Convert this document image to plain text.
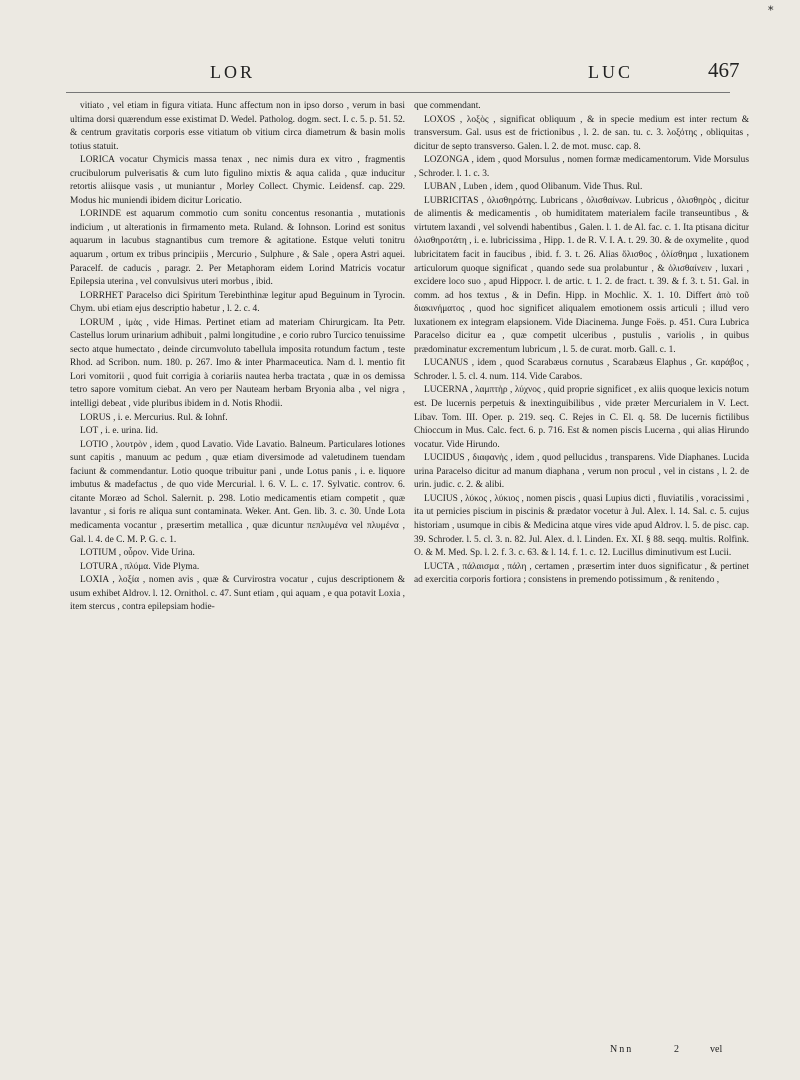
*
LOR	LUC	467

vitiato , vel etiam in figura vitiata. Hunc affectum non in ipso dorso , verum in basi ultima dorsi quærendum esse existimat D. Wedel. Patholog. dogm. sect. I. c. 5. p. 51. 52. & centrum gravitatis corporis esse vitiatum ob vitium circa diametrum & basin molis totius statuit.

LORICA vocatur Chymicis massa tenax , nec nimis dura ex vitro , fragmentis crucibulorum pulverisatis & cum luto figulino mixtis & aqua calida , quæ inducitur retortis aliisque vasis , ut muniantur , Morley Collect. Chymic. Leidensf. cap. 229. Modus hic muniendi ibidem dicitur Loricatio.

LORINDE est aquarum commotio cum sonitu concentus resonantia , mutationis indicium , ut alterationis in firmamento meta. Ruland. & Iohnson. Lorind est sonitus aquarum in lacubus stagnantibus cum tremore & agitatione. Estque veluti tonitru aquarum , ortum ex tribus principiis , Mercurio , Sulphure , & Sale , opera Astri aquei. Paracelf. de caducis , paragr. 2. Per Metaphoram eidem Lorind Matricis vocatur Epilepsia uterina , vel convulsivus uteri morbus , ibid.

LORRHET Paracelso dici Spiritum Terebinthinæ legitur apud Beguinum in Tyrocin. Chym. ubi etiam ejus descriptio habetur , l. 2. c. 4.

LORUM , ἱμὰς , vide Himas. Pertinet etiam ad materiam Chirurgicam. Ita Petr. Castellus lorum urinarium adhibuit , palmi longitudine , e corio rubro Turcico tenuissime secto atque humectato , deinde circumvoluto tabellula imposita rotundum factum , teste Rhod. ad Scribon. num. 180. p. 267. Imo & inter Pharmaceutica. Nam d. l. mentio fit Lori vomitorii , quod fuit corrigia à coriariis nautea herba tractata , quæ in os demissa tetro sapore vomitum ciebat. An vero per Nauteam herbam Bryonia alba , vel nigra , intelligi debeat , vide pluribus ibidem in d. Notis Rhodii.

LORUS , i. e. Mercurius. Rul. & Iohnf.

LOT , i. e. urina. Iid.

LOTIO , λουτρὸν , idem , quod Lavatio. Vide Lavatio. Balneum. Particulares lotiones sunt capitis , manuum ac pedum , quæ etiam diversimode ad valetudinem tuendam faciunt & commendantur. Lotio quoque tribuitur pani , unde Lotus panis , i. e. liquore imbutus & madefactus , de quo vide Mercurial. l. 6. V. L. c. 17. Sylvatic. controv. 6. citante Moræo ad Schol. Salernit. p. 298. Lotio medicamentis etiam competit , quæ lavantur , si foris re aliqua sunt contaminata. Weker. Ant. Gen. lib. 3. c. 30. Unde Lota medicamenta vocantur , præsertim metallica , quæ dicuntur πεπλυμένα vel πλυμένα , Gal. l. 4. de C. M. P. G. c. 1.

LOTIUM , οὖρον. Vide Urina.

LOTURA , πλύμα. Vide Plyma.

LOXIA , λοξία , nomen avis , quæ & Curvirostra vocatur , cujus descriptionem & usum exhibet Aldrov. l. 12. Ornithol. c. 47. Sunt etiam , qui aquam , e qua potavit Loxia , item stercus , contra epilepsiam hodie-

que commendant.

LOXOS , λοξὸς , significat obliquum , & in specie medium est inter rectum & transversum. Gal. usus est de frictionibus , l. 2. de san. tu. c. 3. λοξότης , obliquitas , dicitur de septo transverso. Galen. l. 2. de mot. musc. cap. 8.

LOZONGA , idem , quod Morsulus , nomen formæ medicamentorum. Vide Morsulus , Schroder. l. 1. c. 3.

LUBAN , Luben , idem , quod Olibanum. Vide Thus. Rul.

LUBRICITAS , ὀλισθηρότης. Lubricans , ὀλισθαίνων. Lubricus , ὀλισθηρὸς , dicitur de alimentis & medicamentis , ob humiditatem materialem facile transeuntibus , & virtutem laxandi , vel solvendi habentibus , Galen. l. 1. de Al. fac. c. 1. Ita ptisana dicitur ὀλισθηροτάτη , i. e. lubricissima , Hipp. 1. de R. V. I. A. t. 29. 30. & de oxymelite , quod lubricitatem facit in faucibus , ibid. f. 3. t. 26. Alias ὄλισθος , ὀλίσθημα , luxationem articulorum quoque significat , quando sede sua prolabuntur , & ὀλισθαίνειν , luxari , excidere loco suo , apud Hippocr. l. de artic. t. 1. 2. de fract. t. 39. & f. 3. t. 51. Gal. in comm. ad hos textus , & in Defin. Hipp. in Mochlic. X. 1. 10. Differt ἀπὸ τοῦ διακινήματος , quod hoc significet aliqualem emotionem ossis articuli ; illud vero luxationem ex integram elapsionem. Vide Diacinema. Junge Foës. p. 451. Cura Lubrica Paracelso dicitur ea , quæ competit ulceribus , pustulis , variolis , in quibus prædominatur excrementum lubricum , l. 5. de curat. morb. Gall. c. 1.

LUCANUS , idem , quod Scarabæus cornutus , Scarabæus Elaphus , Gr. καράβος , Schroder. l. 5. cl. 4. num. 114. Vide Carabos.

LUCERNA , λαμπτὴρ , λύχνος , quid proprie significet , ex aliis quoque lexicis notum est. De lucernis perpetuis & inextinguibilibus , vide præter Mercurialem in V. Lect. Libav. Tom. III. Oper. p. 219. seq. C. Rejes in C. El. q. 58. De lucernis fictilibus Chioccum in Mus. Calc. fect. 6. p. 716. Est & nomen piscis Lucerna , qui alias Hirundo vocatur. Vide Hirundo.

LUCIDUS , διαφανὴς , idem , quod pellucidus , transparens. Vide Diaphanes. Lucida urina Paracelso dicitur ad manum diaphana , verum non procul , vel in cistans , l. 2. de urin. judic. c. 2. & alibi.

LUCIUS , λύκος , λύκιος , nomen piscis , quasi Lupius dicti , fluviatilis , voracissimi , ita ut pernicies piscium in piscinis & prædator vocetur à Jul. Alex. l. 14. Sal. c. 5. cujus historiam , usumque in cibis & Medicina atque vires vide apud Aldrov. l. 5. de pisc. cap. 39. Schroder. l. 5. cl. 3. n. 82. Jul. Alex. d. l. Linden. Ex. XI. § 88. seqq. multis. Rolfink. O. & M. Med. Sp. l. 2. f. 3. c. 63. & l. 14. f. 1. c. 12. Lucillus diminutivum est Lucii.

LUCTA , πάλαισμα , πάλη , certamen , præsertim inter duos significatur , & pertinet ad exercitia corporis fortiora ; consistens in premendo potissimum , & renitendo ,

Nnn	2	vel
